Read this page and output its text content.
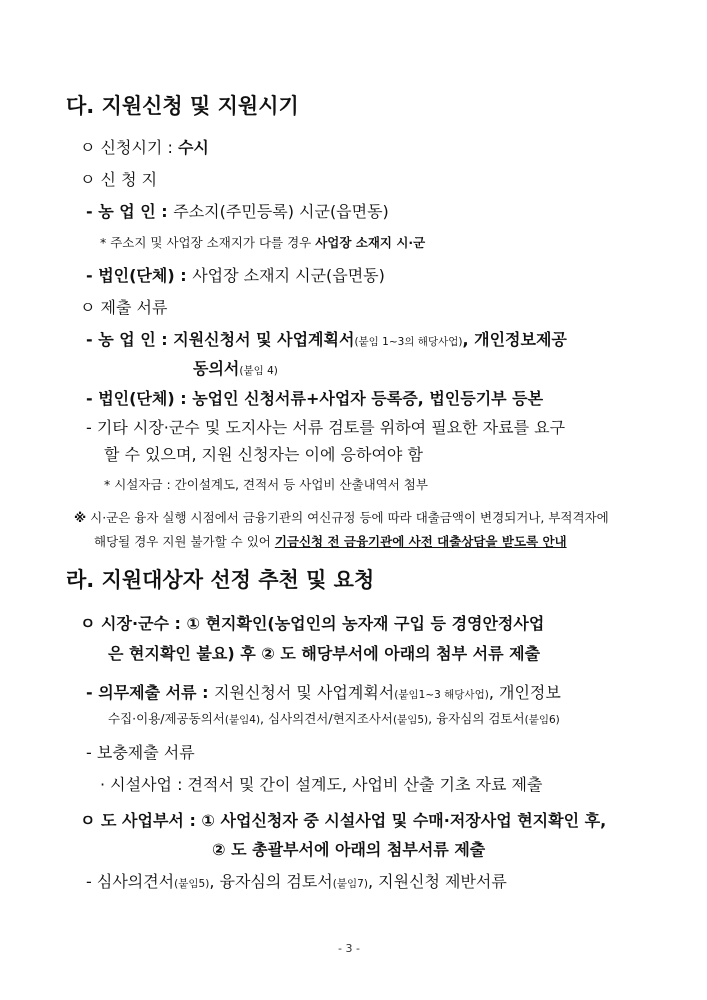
다. 지원신청 및 지원시기
ㅇ 신청시기 : 수시
ㅇ 신 청 지
- 농 업 인 : 주소지(주민등록) 시군(읍면동)
* 주소지 및 사업장 소재지가 다를 경우 사업장 소재지 시·군
- 법인(단체) : 사업장 소재지 시군(읍면동)
ㅇ 제출 서류
- 농 업 인 : 지원신청서 및 사업계획서(붙임 1~3의 해당사업), 개인정보제공
동의서(붙임 4)
- 법인(단체) : 농업인 신청서류+사업자 등록증, 법인등기부 등본
- 기타 시장·군수 및 도지사는 서류 검토를 위하여 필요한 자료를 요구
할 수 있으며, 지원 신청자는 이에 응하여야 함
* 시설자금 : 간이설계도, 견적서 등 사업비 산출내역서 첨부
※ 시·군은 융자 실행 시점에서 금융기관의 여신규정 등에 따라 대출금액이 변경되거나, 부적격자에
해당될 경우 지원 불가할 수 있어 기금신청 전 금융기관에 사전 대출상담을 받도록 안내
라. 지원대상자 선정 추천 및 요청
ㅇ 시장·군수 : ① 현지확인(농업인의 농자재 구입 등 경영안정사업
은 현지확인 불요) 후 ② 도 해당부서에 아래의 첨부 서류 제출
- 의무제출 서류 : 지원신청서 및 사업계획서(붙임1~3 해당사업), 개인정보
수집·이용/제공동의서(붙임4), 심사의견서/현지조사서(붙임5), 융자심의 검토서(붙임6)
- 보충제출 서류
· 시설사업 : 견적서 및 간이 설계도, 사업비 산출 기초 자료 제출
ㅇ 도 사업부서 : ① 사업신청자 중 시설사업 및 수매·저장사업 현지확인 후,
② 도 총괄부서에 아래의 첨부서류 제출
- 심사의견서(붙임5), 융자심의 검토서(붙임7), 지원신청 제반서류
- 3 -
